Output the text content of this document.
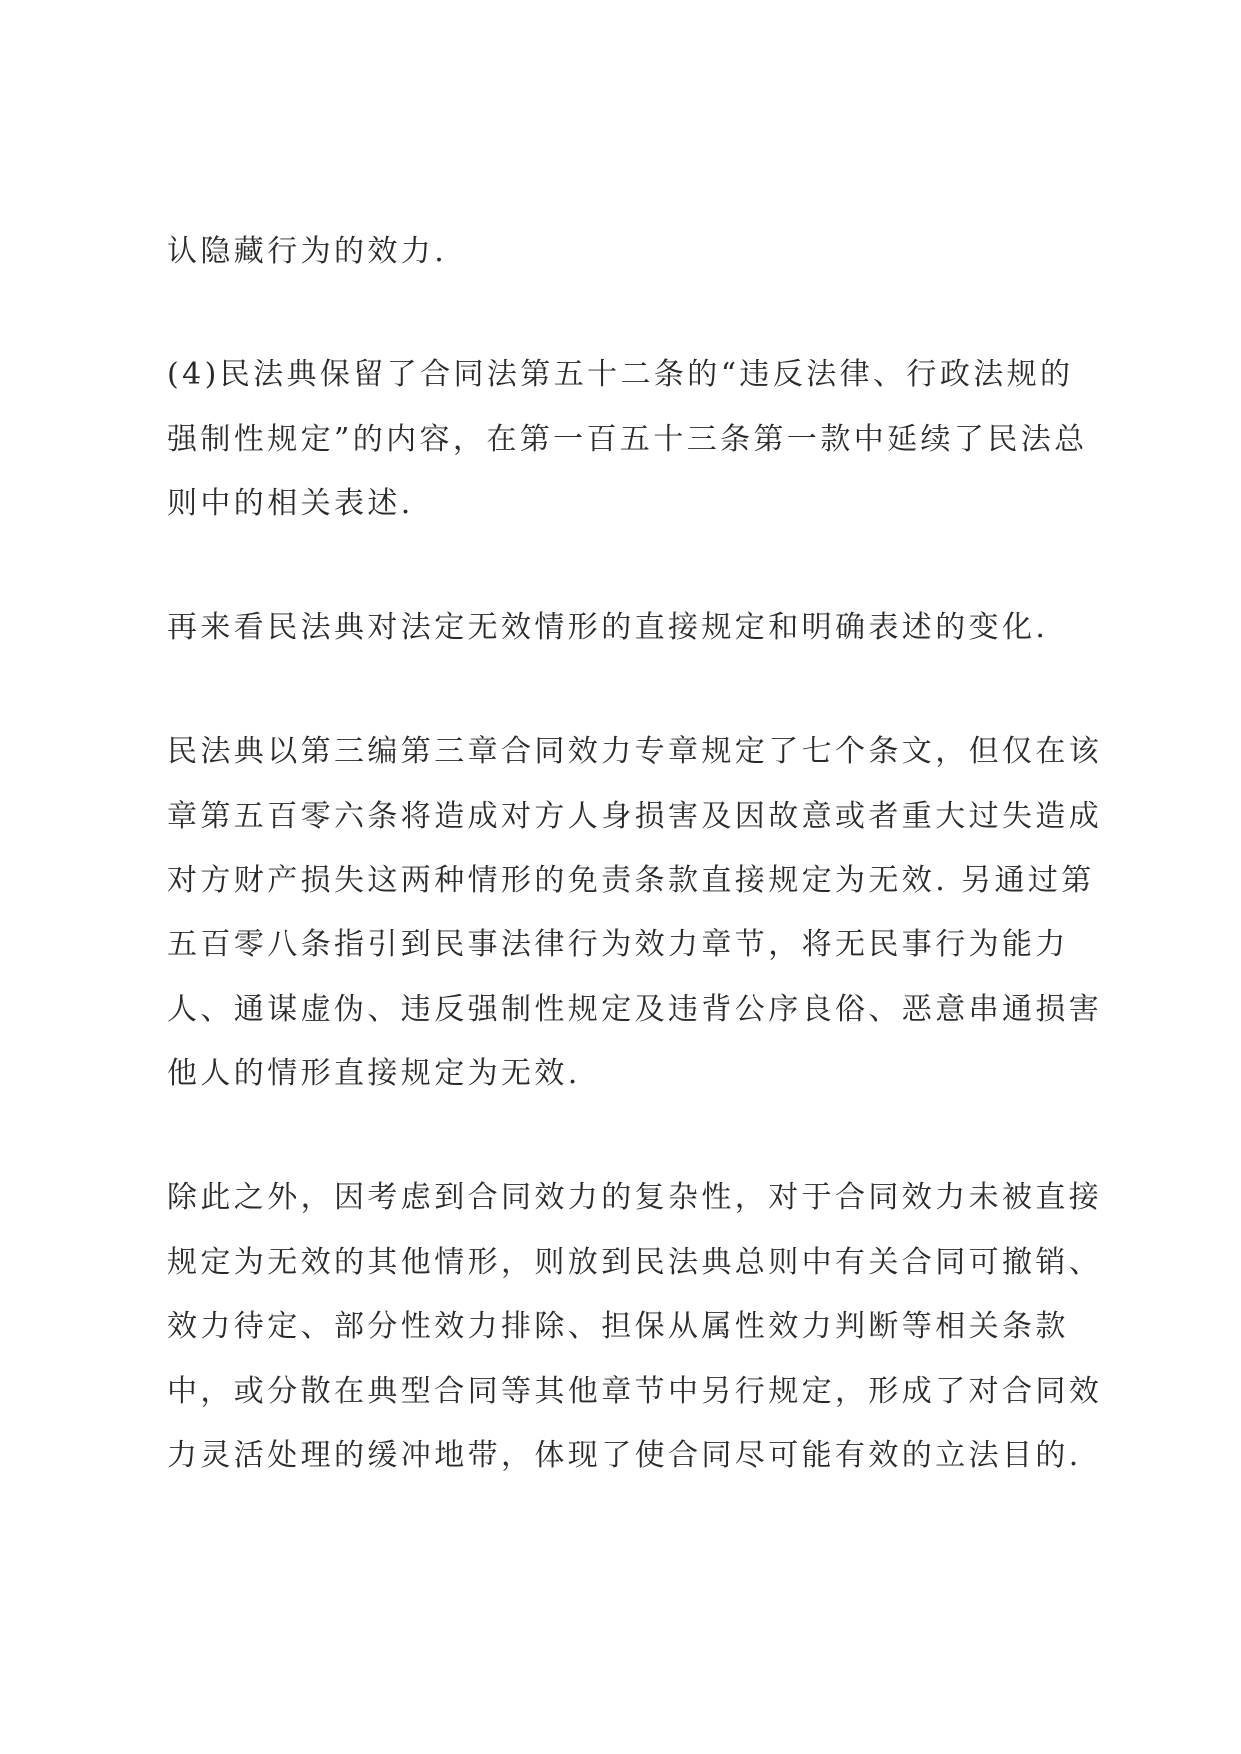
认隐藏行为的效力.

(4)民法典保留了合同法第五十二条的“违反法律、行政法规的

强制性规定”的内容，在第一百五十三条第一款中延续了民法总

则中的相关表述.

再来看民法典对法定无效情形的直接规定和明确表述的变化.

民法典以第三编第三章合同效力专章规定了七个条文，但仅在该

章第五百零六条将造成对方人身损害及因故意或者重大过失造成

对方财产损失这两种情形的免责条款直接规定为无效. 另通过第

五百零八条指引到民事法律行为效力章节，将无民事行为能力

人、通谋虚伪、违反强制性规定及违背公序良俗、恶意串通损害

他人的情形直接规定为无效.

除此之外，因考虑到合同效力的复杂性，对于合同效力未被直接

规定为无效的其他情形，则放到民法典总则中有关合同可撤销、

效力待定、部分性效力排除、担保从属性效力判断等相关条款

中，或分散在典型合同等其他章节中另行规定，形成了对合同效

力灵活处理的缓冲地带，体现了使合同尽可能有效的立法目的.
